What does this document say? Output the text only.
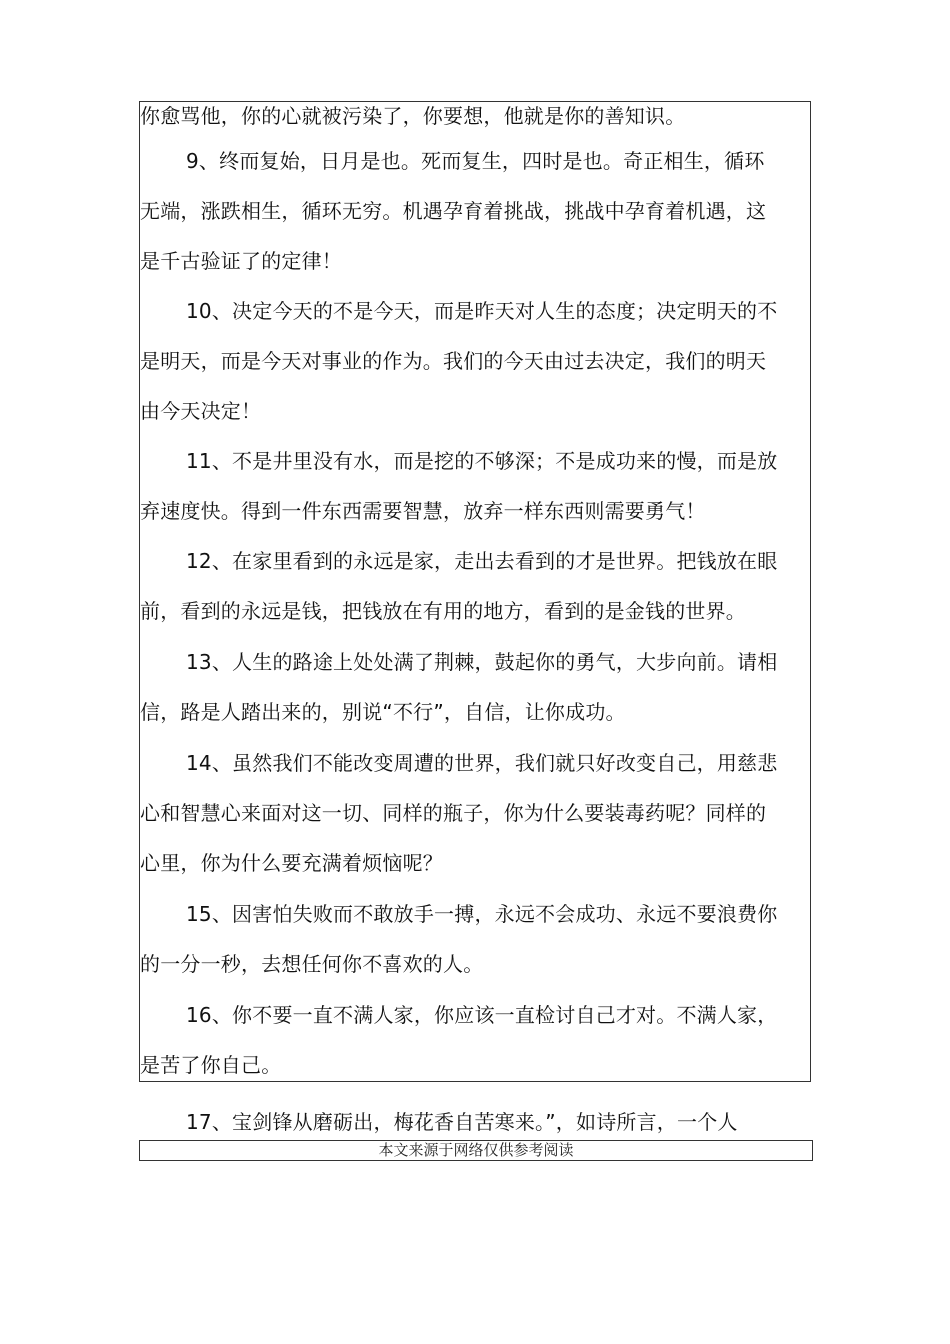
你愈骂他，你的心就被污染了，你要想，他就是你的善知识。
9、终而复始，日月是也。死而复生，四时是也。奇正相生，循环
无端，涨跌相生，循环无穷。机遇孕育着挑战，挑战中孕育着机遇，这
是千古验证了的定律！
10、决定今天的不是今天，而是昨天对人生的态度；决定明天的不
是明天，而是今天对事业的作为。我们的今天由过去决定，我们的明天
由今天决定！
11、不是井里没有水，而是挖的不够深；不是成功来的慢，而是放
弃速度快。得到一件东西需要智慧，放弃一样东西则需要勇气！
12、在家里看到的永远是家，走出去看到的才是世界。把钱放在眼
前，看到的永远是钱，把钱放在有用的地方，看到的是金钱的世界。
13、人生的路途上处处满了荆棘，鼓起你的勇气，大步向前。请相
信，路是人踏出来的，别说“不行”，自信，让你成功。
14、虽然我们不能改变周遭的世界，我们就只好改变自己，用慈悲
心和智慧心来面对这一切、同样的瓶子，你为什么要装毒药呢？同样的
心里，你为什么要充满着烦恼呢？
15、因害怕失败而不敢放手一搏，永远不会成功、永远不要浪费你
的一分一秒，去想任何你不喜欢的人。
16、你不要一直不满人家，你应该一直检讨自己才对。不满人家，
是苦了你自己。
17、宝剑锋从磨砺出，梅花香自苦寒来。”，如诗所言，一个人
本文来源于网络仅供参考阅读
